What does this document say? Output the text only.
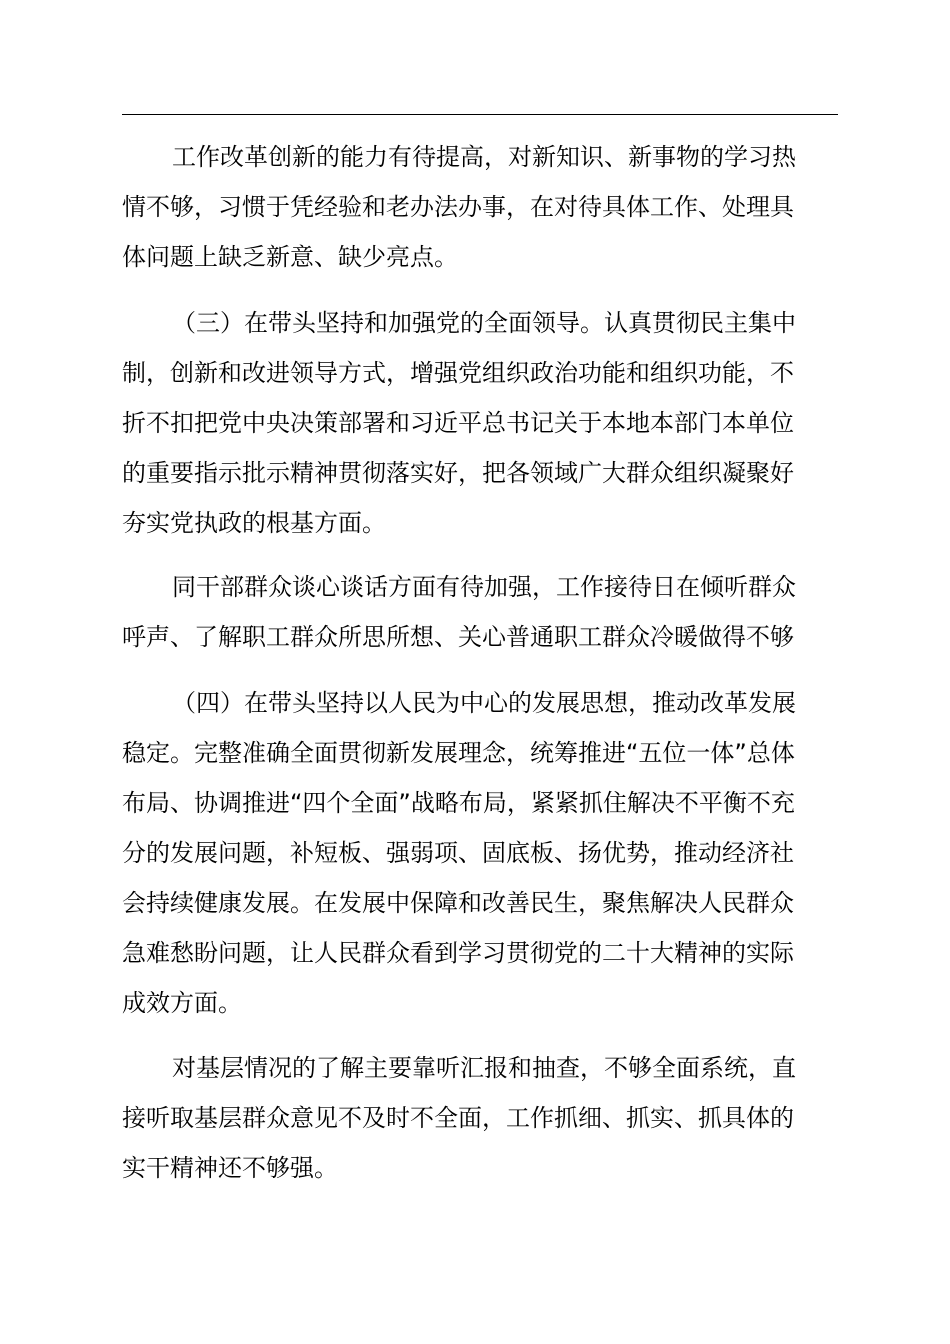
工作改革创新的能力有待提高，对新知识、新事物的学习热
情不够，习惯于凭经验和老办法办事，在对待具体工作、处理具
体问题上缺乏新意、缺少亮点。
（三）在带头坚持和加强党的全面领导。认真贯彻民主集中
制，创新和改进领导方式，增强党组织政治功能和组织功能，不
折不扣把党中央决策部署和习近平总书记关于本地本部门本单位
的重要指示批示精神贯彻落实好，把各领域广大群众组织凝聚好
夯实党执政的根基方面。
同干部群众谈心谈话方面有待加强，工作接待日在倾听群众
呼声、了解职工群众所思所想、关心普通职工群众冷暖做得不够
（四）在带头坚持以人民为中心的发展思想，推动改革发展
稳定。完整准确全面贯彻新发展理念，统筹推进“五位一体”总体
布局、协调推进“四个全面”战略布局，紧紧抓住解决不平衡不充
分的发展问题，补短板、强弱项、固底板、扬优势，推动经济社
会持续健康发展。在发展中保障和改善民生，聚焦解决人民群众
急难愁盼问题，让人民群众看到学习贯彻党的二十大精神的实际
成效方面。
对基层情况的了解主要靠听汇报和抽查，不够全面系统，直
接听取基层群众意见不及时不全面，工作抓细、抓实、抓具体的
实干精神还不够强。
